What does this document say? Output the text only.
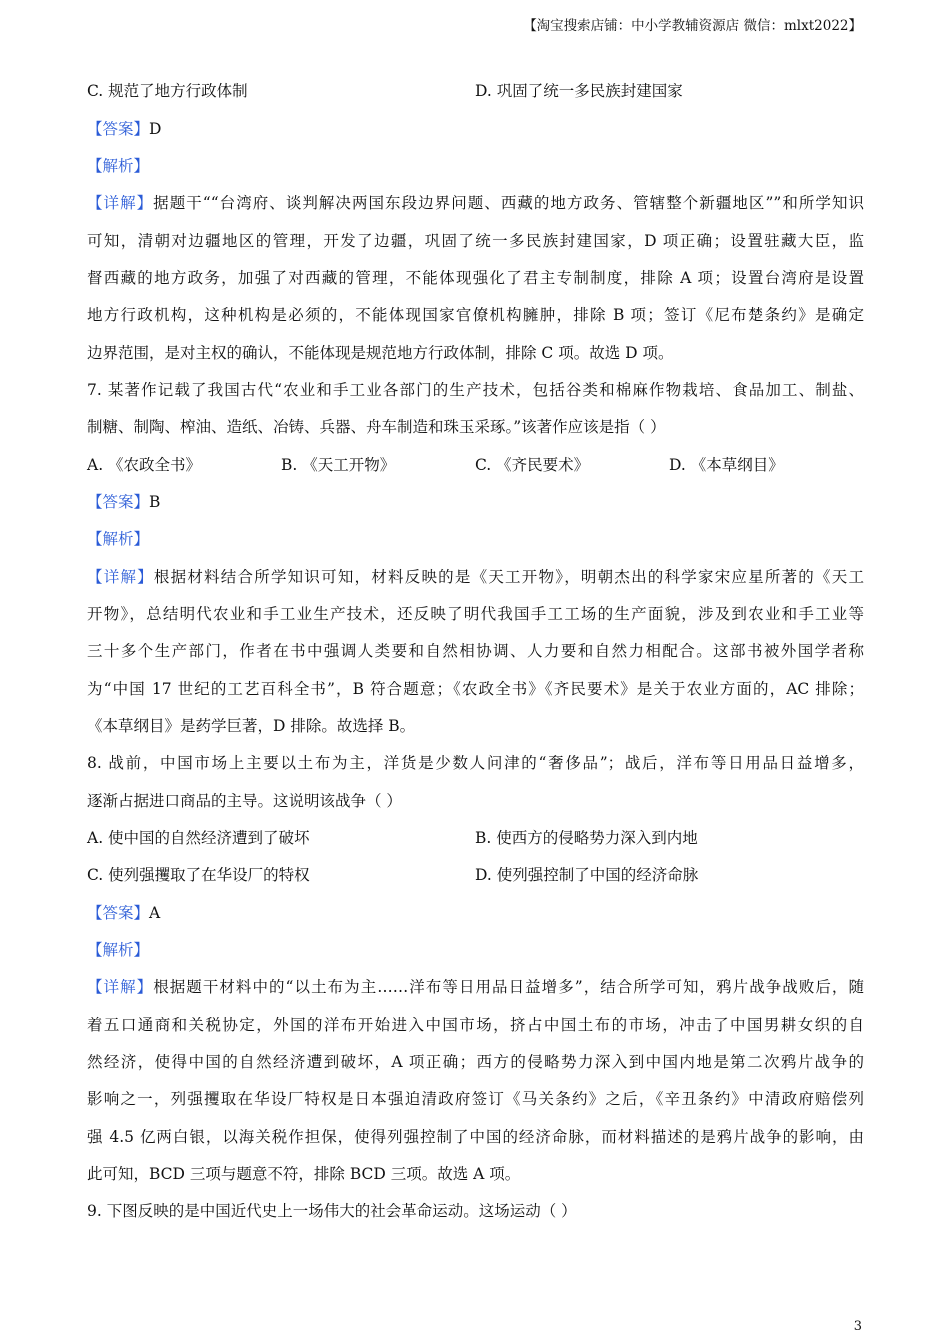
【淘宝搜索店铺：中小学教辅资源店 微信：mlxt2022】
C. 规范了地方行政体制	D. 巩固了统一多民族封建国家
【答案】D
【解析】
【详解】据题干““台湾府、谈判解决两国东段边界问题、西藏的地方政务、管辖整个新疆地区””和所学知识
可知，清朝对边疆地区的管理，开发了边疆，巩固了统一多民族封建国家，D 项正确；设置驻藏大臣，监
督西藏的地方政务，加强了对西藏的管理，不能体现强化了君主专制制度，排除 A 项；设置台湾府是设置
地方行政机构，这种机构是必须的，不能体现国家官僚机构臃肿，排除 B 项；签订《尼布楚条约》是确定
边界范围，是对主权的确认，不能体现是规范地方行政体制，排除 C 项。故选 D 项。
7. 某著作记载了我国古代“农业和手工业各部门的生产技术，包括谷类和棉麻作物栽培、食品加工、制盐、
制糖、制陶、榨油、造纸、冶铸、兵器、舟车制造和珠玉采琢。”该著作应该是指（ ）
A. 《农政全书》	B. 《天工开物》	C. 《齐民要术》	D. 《本草纲目》
【答案】B
【解析】
【详解】根据材料结合所学知识可知，材料反映的是《天工开物》，明朝杰出的科学家宋应星所著的《天工
开物》，总结明代农业和手工业生产技术，还反映了明代我国手工工场的生产面貌，涉及到农业和手工业等
三十多个生产部门，作者在书中强调人类要和自然相协调、人力要和自然力相配合。这部书被外国学者称
为“中国 17 世纪的工艺百科全书”，B 符合题意；《农政全书》《齐民要术》是关于农业方面的，AC 排除；
《本草纲目》是药学巨著，D 排除。故选择 B。
8. 战前，中国市场上主要以土布为主，洋货是少数人问津的“奢侈品”；战后，洋布等日用品日益增多，
逐渐占据进口商品的主导。这说明该战争（ ）
A. 使中国的自然经济遭到了破坏	B. 使西方的侵略势力深入到内地
C. 使列强攫取了在华设厂的特权	D. 使列强控制了中国的经济命脉
【答案】A
【解析】
【详解】根据题干材料中的“以土布为主……洋布等日用品日益增多”，结合所学可知，鸦片战争战败后，随
着五口通商和关税协定，外国的洋布开始进入中国市场，挤占中国土布的市场，冲击了中国男耕女织的自
然经济，使得中国的自然经济遭到破坏，A 项正确；西方的侵略势力深入到中国内地是第二次鸦片战争的
影响之一，列强攫取在华设厂特权是日本强迫清政府签订《马关条约》之后，《辛丑条约》中清政府赔偿列
强 4.5 亿两白银，以海关税作担保，使得列强控制了中国的经济命脉，而材料描述的是鸦片战争的影响，由
此可知，BCD 三项与题意不符，排除 BCD 三项。故选 A 项。
9. 下图反映的是中国近代史上一场伟大的社会革命运动。这场运动（ ）
3
